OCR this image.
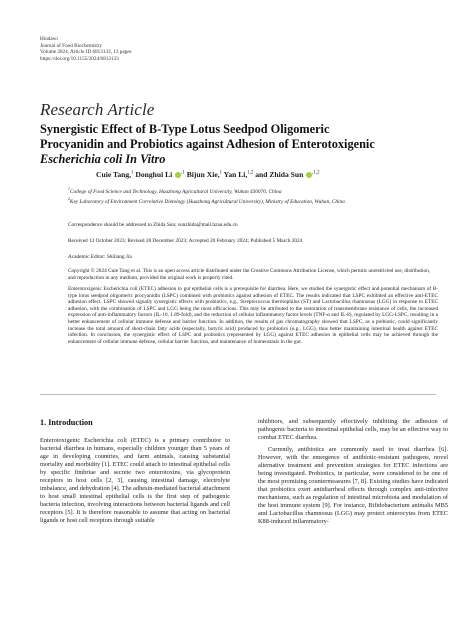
Hindawi
Journal of Food Biochemistry
Volume 2024, Article ID 6813133, 13 pages
https://doi.org/10.1155/2024/6813133
Research Article
Synergistic Effect of B-Type Lotus Seedpod Oligomeric
Procyanidin and Probiotics against Adhesion of Enterotoxigenic
Escherichia coli In Vitro
Cuie Tang,$^1$ Donghui Li $^{,1}$ Bijun Xie,$^1$ Yan Li,$^{1,2}$ and Zhida Sun $^{,1,2}$
$^1$College of Food Science and Technology, Huazhong Agricultural University, Wuhan 430070, China
$^2$Key Laboratory of Environment Correlative Dietology (Huazhong Agricultural University), Ministry of Education, Wuhan, China
Correspondence should be addressed to Zhida Sun; sunzhida@mail.hzau.edu.cn
Received 13 October 2023; Revised 28 December 2023; Accepted 20 February 2024; Published 5 March 2024
Academic Editor: Shiliang Jia
Copyright © 2024 Cuie Tang et al. This is an open access article distributed under the Creative Commons Attribution License, which permits unrestricted use, distribution, and reproduction in any medium, provided the original work is properly cited.
Enterotoxigenic Escherichia coli (ETEC) adhesion to gut epithelial cells is a prerequisite for diarrhea. Here, we studied the synergistic effect and potential mechanism of B-type lotus seedpod oligomeric procyanidin (LSPC) combined with probiotics against adhesion of ETEC. The results indicated that LSPC exhibited an effective anti-ETEC adhesion effect. LSPC showed signally synergistic effects with probiotics, e.g., Streptococcus thermophilus (ST) and Lactobacillus rhamnosus (LGG) in response to ETEC adhesion, with the combination of LSPC and LGG being the most efficacious. This may be attributed to the restoration of transmembrane resistance of cells, the increased expression of anti-inflammatory factors (IL-10, 1.89-fold), and the reduction of cellular inflammatory factor levels (TNF-α and IL-8), regulated by LGG-LSPC, resulting in a better enhancement of cellular immune defense and barrier function. In addition, the results of gas chromatography showed that LSPC, as a prebiotic, could significantly increase the total amount of short-chain fatty acids (especially, butyric acid) produced by probiotics (e.g., LGG), thus better maintaining intestinal health against ETEC infection. In conclusion, the synergistic effect of LSPC and probiotics (represented by LGG) against ETEC adhesion in epithelial cells may be achieved through the enhancement of cellular immune defense, cellular barrier function, and maintenance of homeostasis in the gut.
1. Introduction
Enterotoxigenic Escherichia coli (ETEC) is a primary contributor to bacterial diarrhea in humans, especially children younger than 5 years of age in developing countries, and farm animals, causing substantial mortality and morbidity [1]. ETEC could attach to intestinal epithelial cells by specific fimbriae and secrete two enterotoxins, via glycoprotein receptors in host cells [2, 3], causing intestinal damage, electrolyte imbalance, and dehydration [4]. The adhesin-mediated bacterial attachment to host small intestinal epithelial cells is the first step of pathogenic bacteria infection, involving interactions between bacterial ligands and cell receptors [5]. It is therefore reasonable to assume that acting on bacterial ligands or host cell receptors through suitable
inhibitors, and subsequently effectively inhibiting the adhesion of pathogenic bacteria to intestinal epithelial cells, may be an effective way to combat ETEC diarrhea.
Currently, antibiotics are commonly used to treat diarrhea [6]. However, with the emergence of antibiotic-resistant pathogens, novel alternative treatment and prevention strategies for ETEC infections are being investigated. Probiotics, in particular, were considered to be one of the most promising countermeasures [7, 8]. Existing studies have indicated that probiotics exert antidiarrheal effects through complex anti-infective mechanisms, such as regulation of intestinal microbiota and modulation of the host immune system [9]. For instance, Bifidobacterium animalis MB5 and Lactobacillus rhamnosus (LGG) may protect enterocytes from ETEC K88-induced inflammatory-
